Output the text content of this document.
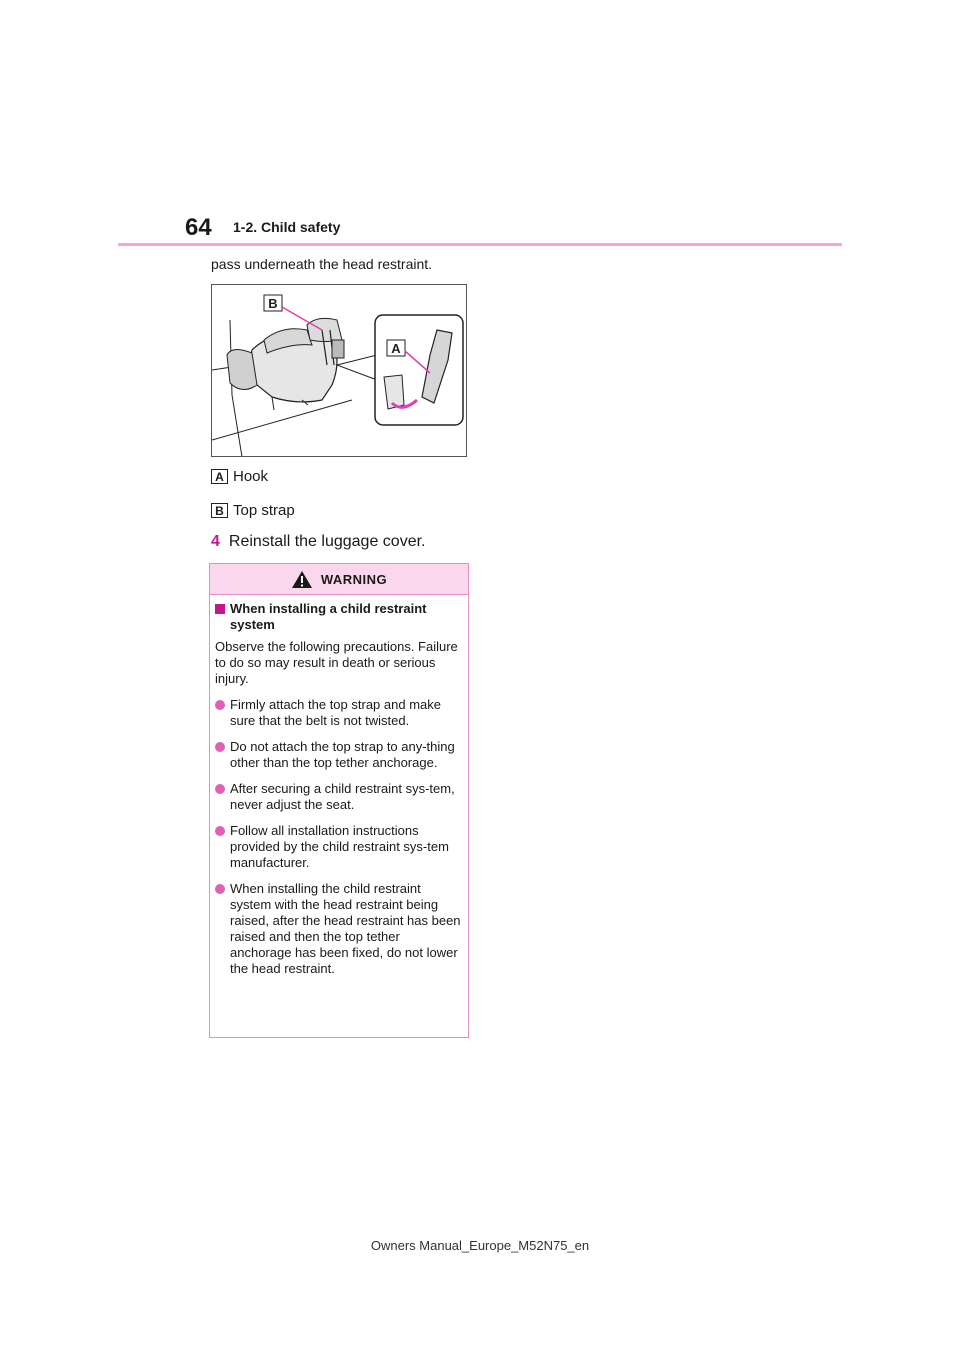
64 1-2. Child safety
pass underneath the head restraint.
B
A
A Hook
B Top strap
4 Reinstall the luggage cover.
WARNING
When installing a child restraint system
Observe the following precautions. Failure to do so may result in death or serious injury.
Firmly attach the top strap and make sure that the belt is not twisted.
Do not attach the top strap to any-thing other than the top tether anchorage.
After securing a child restraint sys-tem, never adjust the seat.
Follow all installation instructions provided by the child restraint sys-tem manufacturer.
When installing the child restraint system with the head restraint being raised, after the head restraint has been raised and then the top tether anchorage has been fixed, do not lower the head restraint.
Owners Manual_Europe_M52N75_en
